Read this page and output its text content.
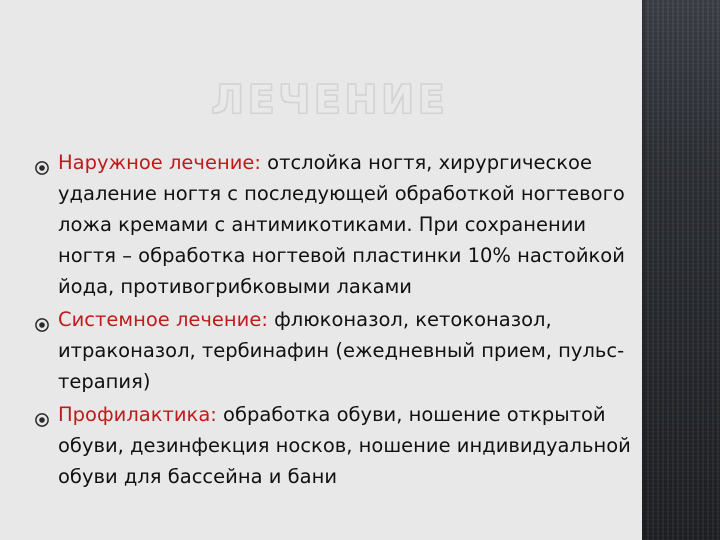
ЛЕЧЕНИЕ
Наружное лечение: отслойка ногтя, хирургическое удаление ногтя с последующей обработкой ногтевого ложа кремами с антимикотиками. При сохранении ногтя – обработка ногтевой пластинки 10% настойкой йода, противогрибковыми лаками
Системное лечение: флюконазол, кетоконазол, итраконазол, тербинафин (ежедневный прием, пульс-терапия)
Профилактика: обработка обуви, ношение открытой обуви, дезинфекция носков, ношение индивидуальной обуви для бассейна и бани
